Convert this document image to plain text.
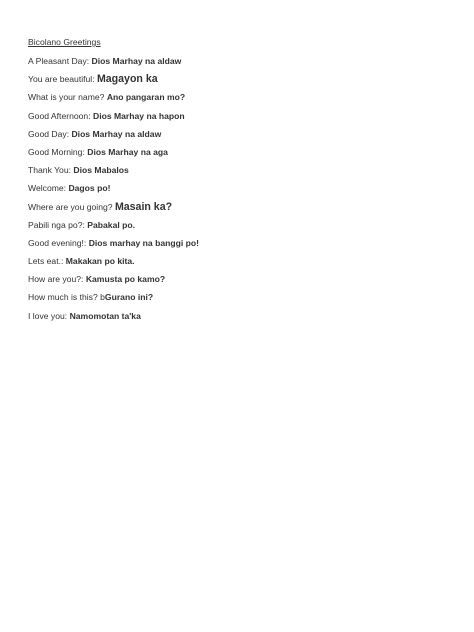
Bicolano Greetings
A Pleasant Day: Dios Marhay na aldaw
You are beautiful: Magayon ka
What is your name? Ano pangaran mo?
Good Afternoon: Dios Marhay na hapon
Good Day: Dios Marhay na aldaw
Good Morning: Dios Marhay na aga
Thank You: Dios Mabalos
Welcome: Dagos po!
Where are you going? Masain ka?
Pabili nga po?: Pabakal po.
Good evening!: Dios marhay na banggi po!
Lets eat.: Makakan po kita.
How are you?: Kamusta po kamo?
How much is this? bGurano ini?
I love you: Namomotan ta'ka
